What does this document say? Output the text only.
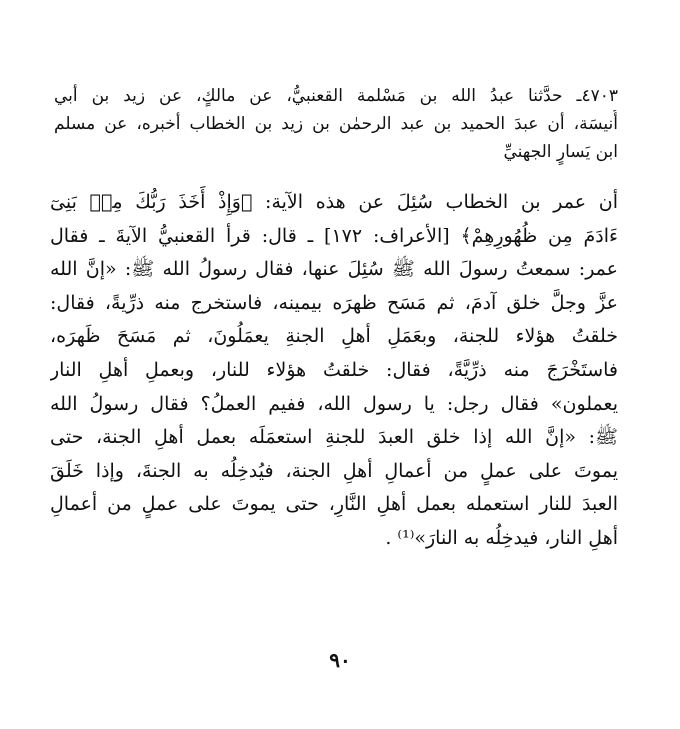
٤٧٠٣ـ حدَّثنا عبدُ الله بن مَسْلمة القعنبيُّ، عن مالكٍ، عن زيد بن أبي
أُنيسَة، أن عبدَ الحميد بن عبد الرحمٰن بن زيد بن الخطاب أخبره، عن مسلم
ابن يَسارٍ الجهنيِّ
أن عمر بن الخطاب سُئِلَ عن هذه الآية: ﴿وَإِذْ أَخَذَ رَبُّكَ مِنۢ بَنِىٓ
ءَادَمَ مِن ظُهُورِهِمْ﴾ [الأعراف: ١٧٢] ـ قال: قرأ القعنبيُّ الآيةَ ـ فقال
عمر: سمعتُ رسولَ الله ﷺ سُئِلَ عنها، فقال رسولُ الله ﷺ: «إنَّ الله
عزَّ وجلَّ خلق آدمَ، ثم مَسَح ظهرَه بيمينه، فاستخرج منه ذرِّيةً، فقال:
خلقتُ هؤلاء للجنة، وبعَمَلِ أهلِ الجنةِ يعمَلُونَ، ثم مَسَحَ ظَهرَه،
فاستَخْرَجَ منه ذرِّيَّةً، فقال: خلقتُ هؤلاء للنار، وبعملِ أهلِ النار
يعملون» فقال رجل: يا رسول الله، ففيم العملُ؟ فقال رسولُ الله
ﷺ: «إنَّ الله إذا خلق العبدَ للجنةِ استعمَلَه بعمل أهلِ الجنة، حتى
يموتَ على عملٍ من أعمالِ أهلِ الجنة، فيُدخِلُه به الجنةَ، وإذا خَلَقَ
العبدَ للنار استعمله بعمل أهلِ النَّارِ، حتى يموتَ على عملٍ من أعمالِ
أهلِ النار، فيدخِلُه به النارَ»⁽¹⁾ .
٩٠
